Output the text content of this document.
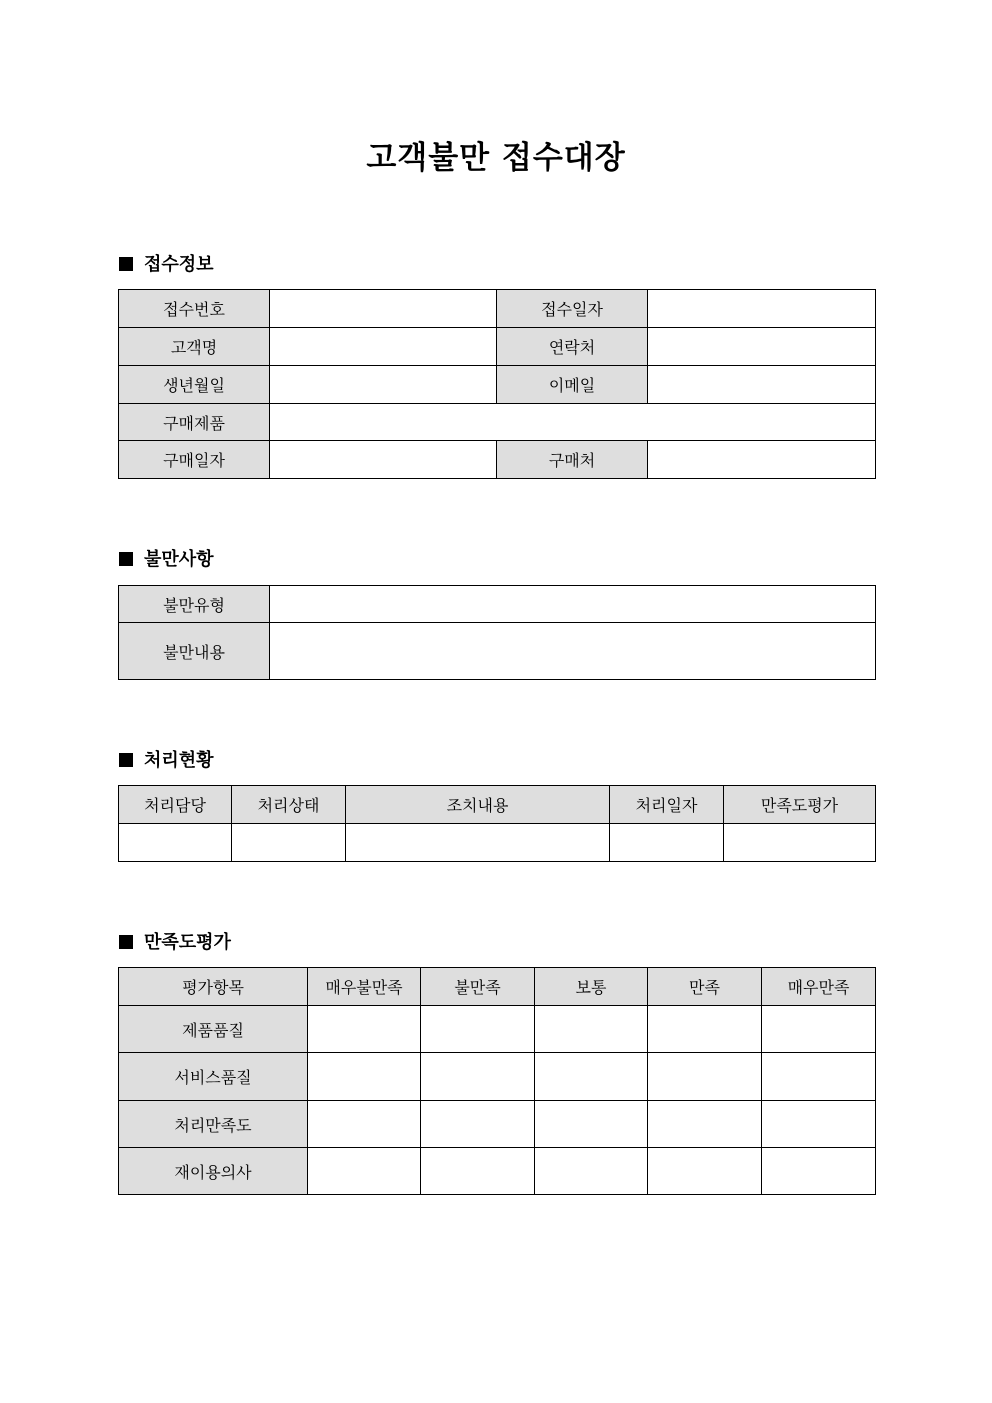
고객불만 접수대장
접수정보
접수번호		접수일자	
고객명		연락처	
생년월일		이메일	
구매제품			
구매일자		구매처	
불만사항
불만유형	
불만내용	
처리현황
처리담당	처리상태	조치내용	처리일자	만족도평가

만족도평가
평가항목	매우불만족	불만족	보통	만족	매우만족
제품품질					
서비스품질					
처리만족도					
재이용의사					
